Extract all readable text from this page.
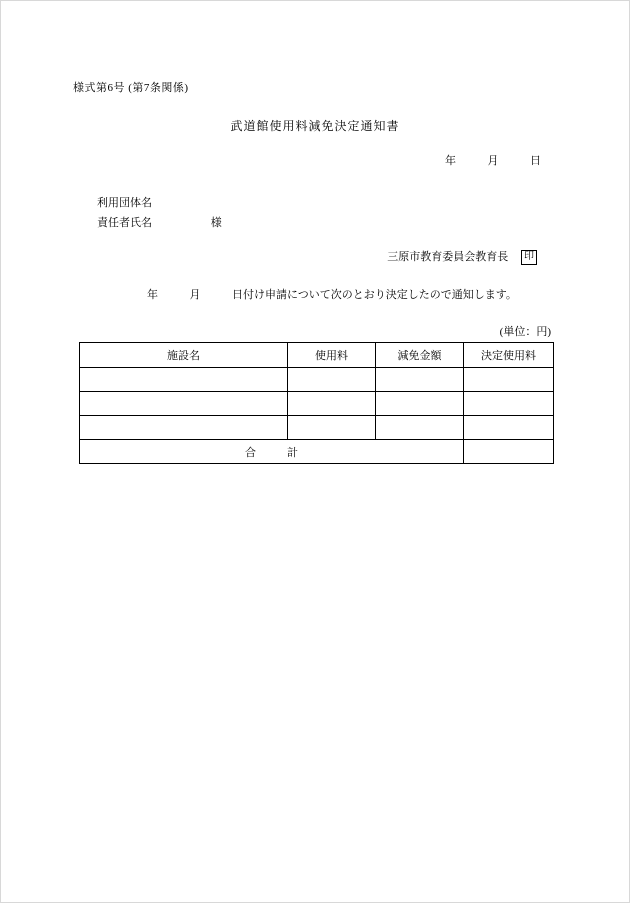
様式第6号 (第7条関係)
武道館使用料減免決定通知書
年	月	日
利用団体名
責任者氏名	様
三原市教育委員会教育長 印
年	月	日付け申請について次のとおり決定したので通知します。
(単位：円)
施設名	使用料	減免金額	決定使用料

合　計			
